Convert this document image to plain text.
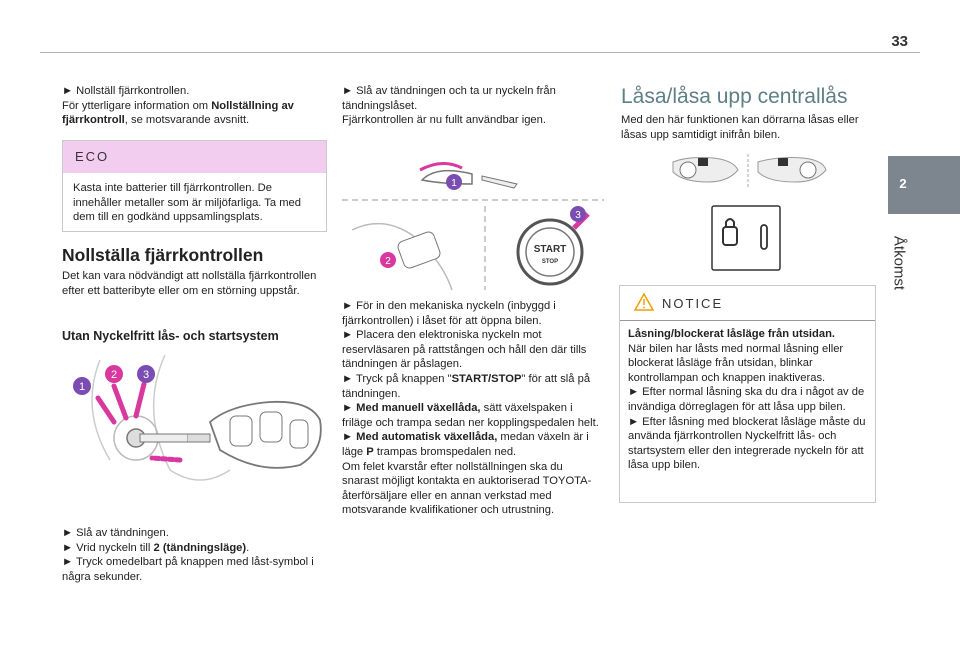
33
2
Åtkomst

► Nollställ fjärrkontrollen.

För ytterligare information om Nollställning av fjärrkontroll, se motsvarande avsnitt.

ECO

Kasta inte batterier till fjärrkontrollen. De innehåller metaller som är miljöfarliga. Ta med dem till en godkänd uppsamlingsplats.

Nollställa fjärrkontrollen

Det kan vara nödvändigt att nollställa fjärrkontrollen efter ett batteribyte eller om en störning uppstår.

Utan Nyckelfritt lås- och startsystem
1
2 3

► Slå av tändningen.

► Vrid nyckeln till 2 (tändningsläge).

► Tryck omedelbart på knappen med låst-symbol i några sekunder.

► Slå av tändningen och ta ur nyckeln från tändningslåset.

Fjärrkontrollen är nu fullt användbar igen.

1
2
START
STOP
3

► För in den mekaniska nyckeln (inbyggd i fjärrkontrollen) i låset för att öppna bilen.

► Placera den elektroniska nyckeln mot reservläsaren på rattstången och håll den där tills tändningen är påslagen.

► Tryck på knappen "START/STOP" för att slå på tändningen.

► Med manuell växellåda, sätt växelspaken i friläge och trampa sedan ner kopplingspedalen helt.

► Med automatisk växellåda, medan växeln är i läge P trampas bromspedalen ned.

Om felet kvarstår efter nollställningen ska du snarast möjligt kontakta en auktoriserad TOYOTA-återförsäljare eller en annan verkstad med motsvarande kvalifikationer och utrustning.

Låsa/låsa upp centrallås

Med den här funktionen kan dörrarna låsas eller låsas upp samtidigt inifrån bilen.

NOTICE

Låsning/blockerat låsläge från utsidan.

När bilen har låsts med normal låsning eller blockerat låsläge från utsidan, blinkar kontrollampan och knappen inaktiveras.

► Efter normal låsning ska du dra i något av de invändiga dörreglagen för att låsa upp bilen.

► Efter låsning med blockerat låsläge måste du använda fjärrkontrollen Nyckelfritt lås- och startsystem eller den integrerade nyckeln för att låsa upp bilen.
